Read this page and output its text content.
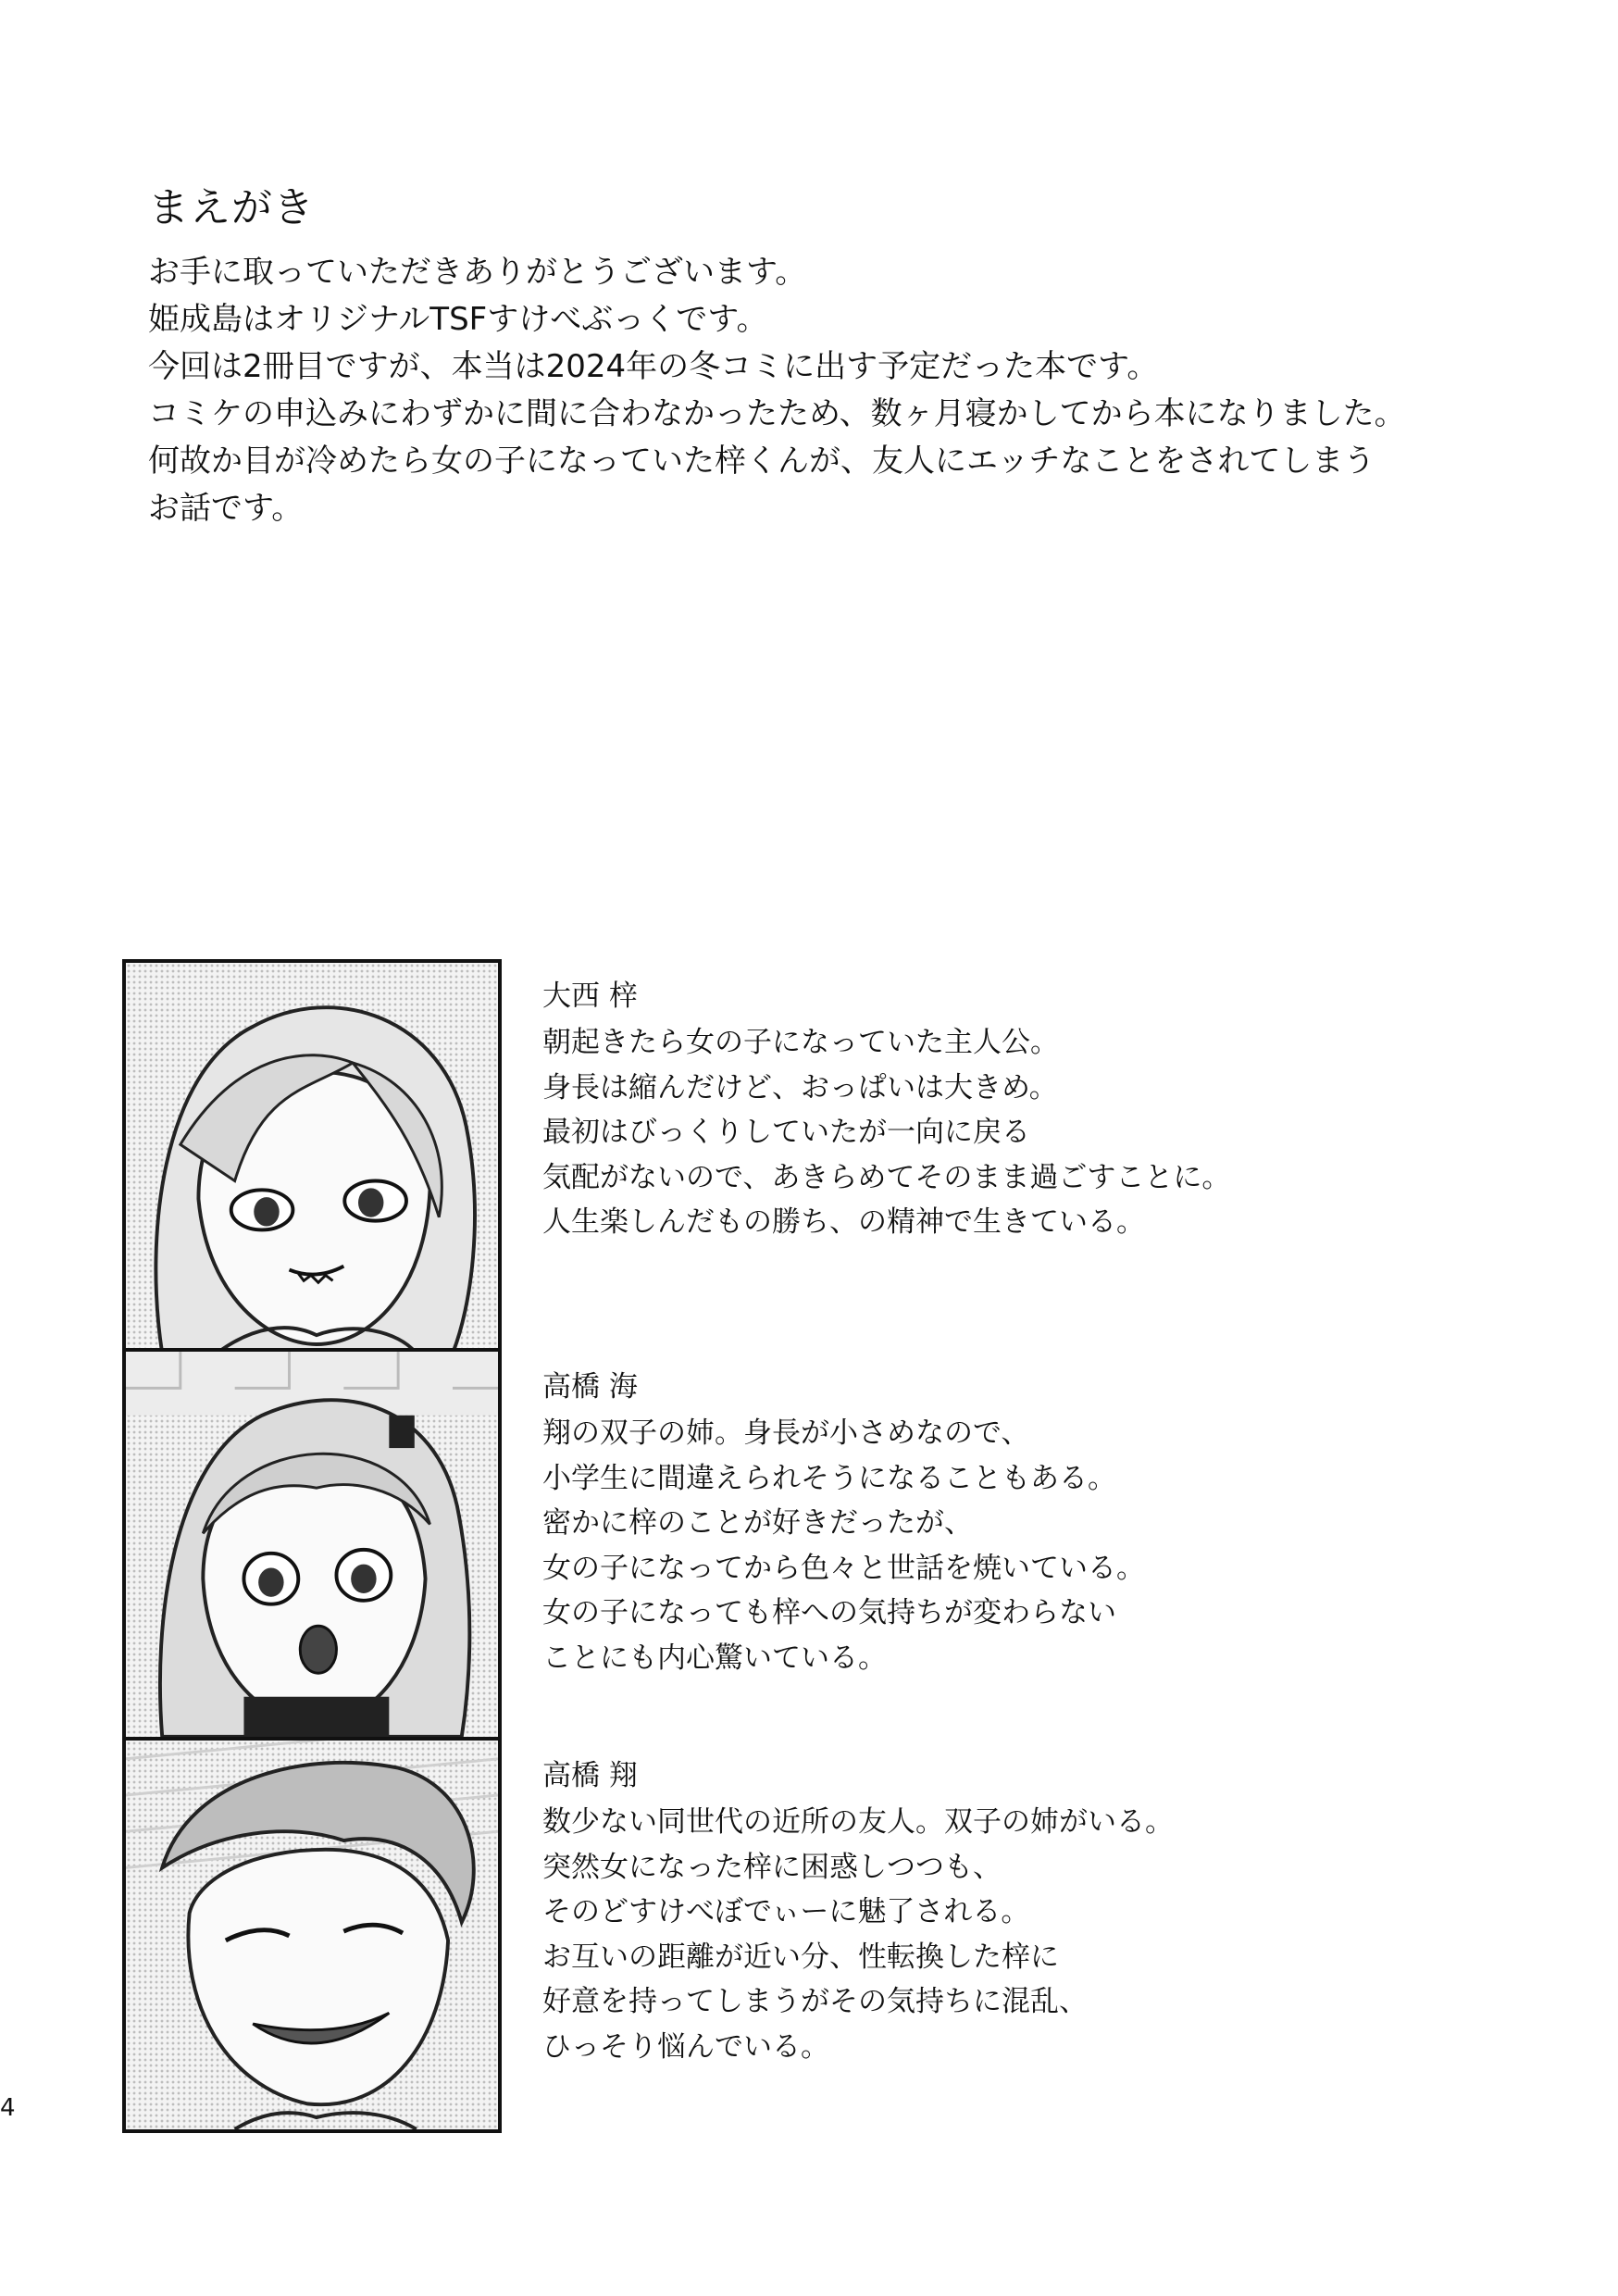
まえがき
お手に取っていただきありがとうございます。
姫成島はオリジナルTSFすけべぶっくです。
今回は2冊目ですが、本当は2024年の冬コミに出す予定だった本です。
コミケの申込みにわずかに間に合わなかったため、数ヶ月寝かしてから本になりました。
何故か目が冷めたら女の子になっていた梓くんが、友人にエッチなことをされてしまう
お話です。
大西 梓
朝起きたら女の子になっていた主人公。
身長は縮んだけど、おっぱいは大きめ。
最初はびっくりしていたが一向に戻る
気配がないので、あきらめてそのまま過ごすことに。
人生楽しんだもの勝ち、の精神で生きている。
高橋 海
翔の双子の姉。身長が小さめなので、
小学生に間違えられそうになることもある。
密かに梓のことが好きだったが、
女の子になってから色々と世話を焼いている。
女の子になっても梓への気持ちが変わらない
ことにも内心驚いている。
高橋 翔
数少ない同世代の近所の友人。双子の姉がいる。
突然女になった梓に困惑しつつも、
そのどすけべぼでぃーに魅了される。
お互いの距離が近い分、性転換した梓に
好意を持ってしまうがその気持ちに混乱、
ひっそり悩んでいる。
4
